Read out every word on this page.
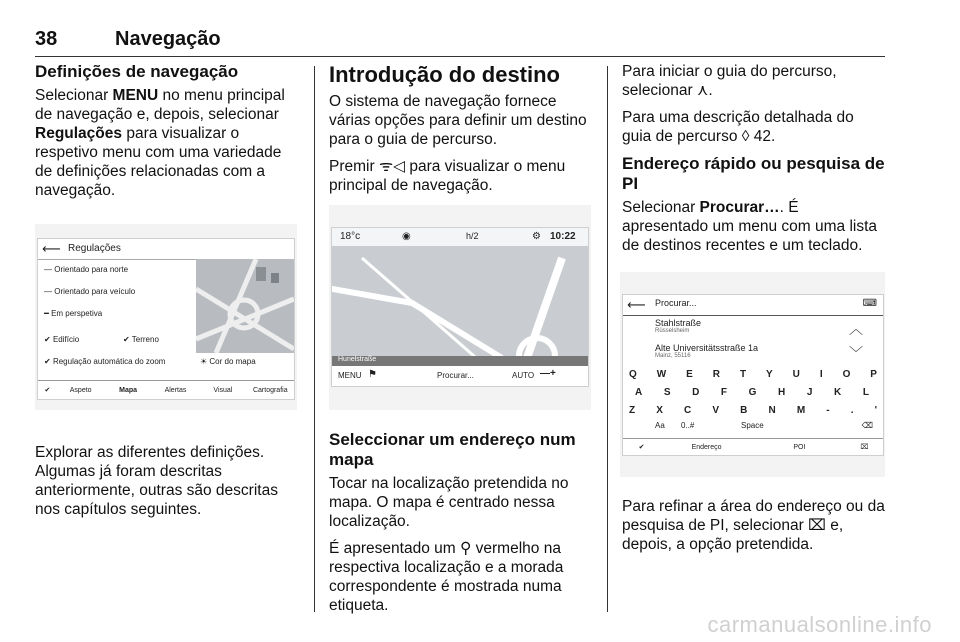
38	Navegação
Definições de navegação

Selecionar MENU no menu principal de navegação e, depois, selecionar Regulações para visualizar o respetivo menu com uma variedade de definições relacionadas com a navegação.

⟵ Regulações
— Orientado para norte
— Orientado para veículo
━ Em perspetiva
✔ Edifício	✔ Terreno
✔ Regulação automática do zoom	☀ Cor do mapa
✔	Aspeto	Mapa	Alertas	Visual	Cartografia

Explorar as diferentes definições. Algumas já foram descritas anteriormente, outras são descritas nos capítulos seguintes.

Introdução do destino

O sistema de navegação fornece várias opções para definir um destino para o guia de percurso.

Premir ᯤ◁ para visualizar o menu principal de navegação.

18°c	◉	h/2	⚙ 10:22
Hunelstraße
MENU ⚑	Procurar...	AUTO —+
Seleccionar um endereço num mapa

Tocar na localização pretendida no mapa. O mapa é centrado nessa localização.

É apresentado um ⚲ vermelho na respectiva localização e a morada correspondente é mostrada numa etiqueta.

Para iniciar o guia do percurso, selecionar ⋏.

Para uma descrição detalhada do guia de percurso ◊ 42.

Endereço rápido ou pesquisa de PI

Selecionar Procurar…. É apresentado um menu com uma lista de destinos recentes e um teclado.

⟵ Procurar...	⌨
Stahlstraße
Rüsselsheim
Alte Universitätsstraße 1a
Mainz, 55116
︿
﹀
Q W E R T Y U I O P
A S D F G H J K L
Z X C V B N M - . '
Aa 0..#	Space	⌫
✔	Endereço	POI	⌧

Para refinar a área do endereço ou da pesquisa de PI, selecionar ⌧ e, depois, a opção pretendida.

carmanualsonline.info
